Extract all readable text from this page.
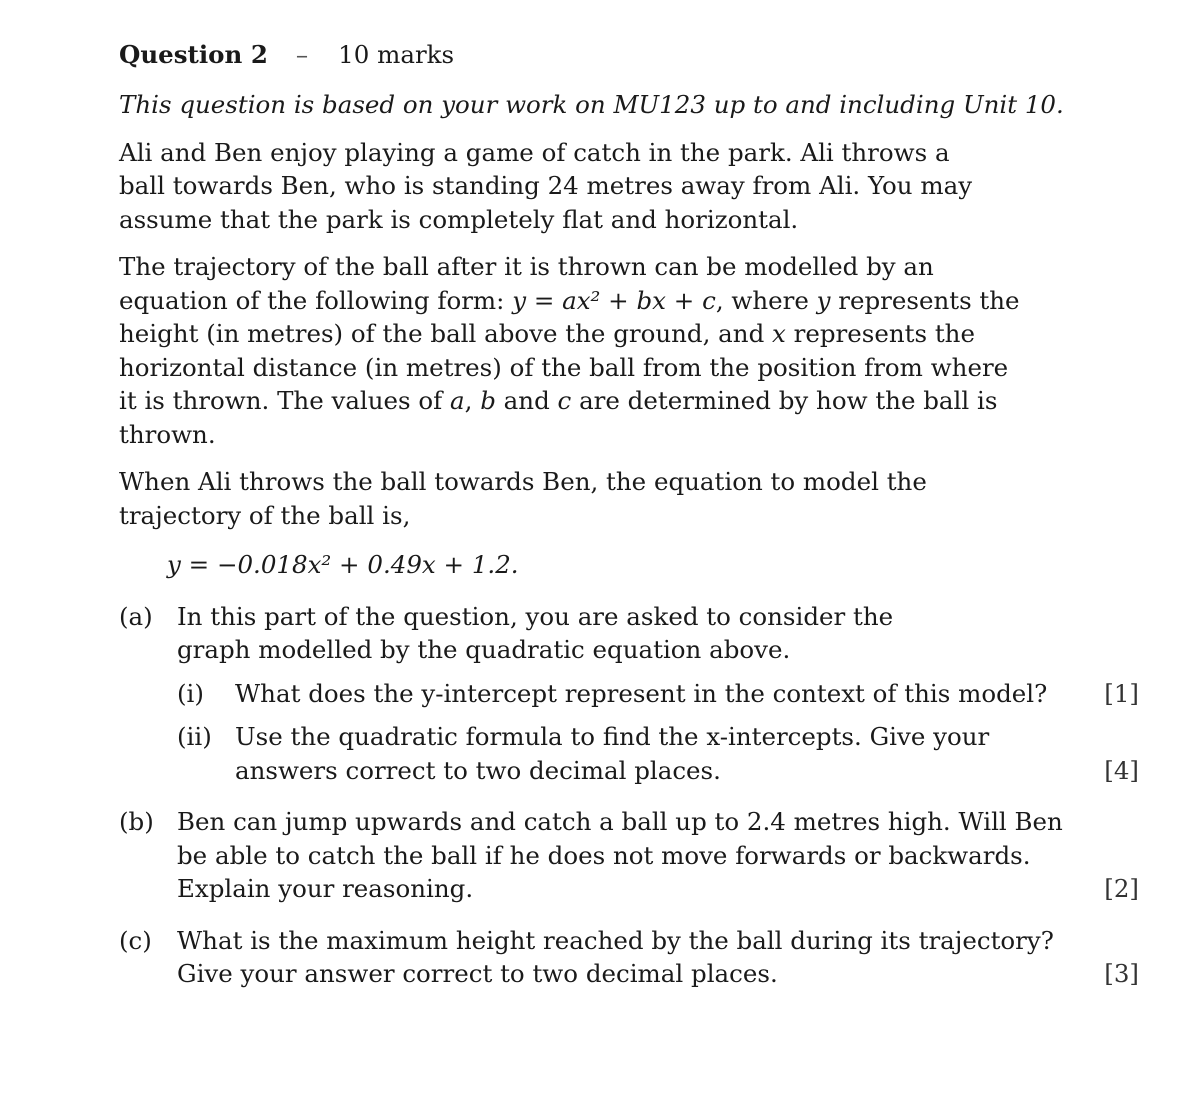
Question 2 – 10 marks

This question is based on your work on MU123 up to and including Unit 10.

Ali and Ben enjoy playing a game of catch in the park. Ali throws a ball towards Ben, who is standing 24 metres away from Ali. You may assume that the park is completely flat and horizontal.

The trajectory of the ball after it is thrown can be modelled by an equation of the following form: y = ax² + bx + c, where y represents the height (in metres) of the ball above the ground, and x represents the horizontal distance (in metres) of the ball from the position from where it is thrown. The values of a, b and c are determined by how the ball is thrown.

When Ali throws the ball towards Ben, the equation to model the trajectory of the ball is,

y = −0.018x² + 0.49x + 1.2.

(a) In this part of the question, you are asked to consider the graph modelled by the quadratic equation above.

(i)	What does the y-intercept represent in the context of this model? [1]
(ii) Use the quadratic formula to find the x-intercepts. Give your

answers correct to two decimal places.	[4]
(b) Ben can jump upwards and catch a ball up to 2.4 metres high. Will Ben

be able to catch the ball if he does not move forwards or backwards.

Explain your reasoning.	[2]
(c)	What is the maximum height reached by the ball during its trajectory?

Give your answer correct to two decimal places.	[3]
